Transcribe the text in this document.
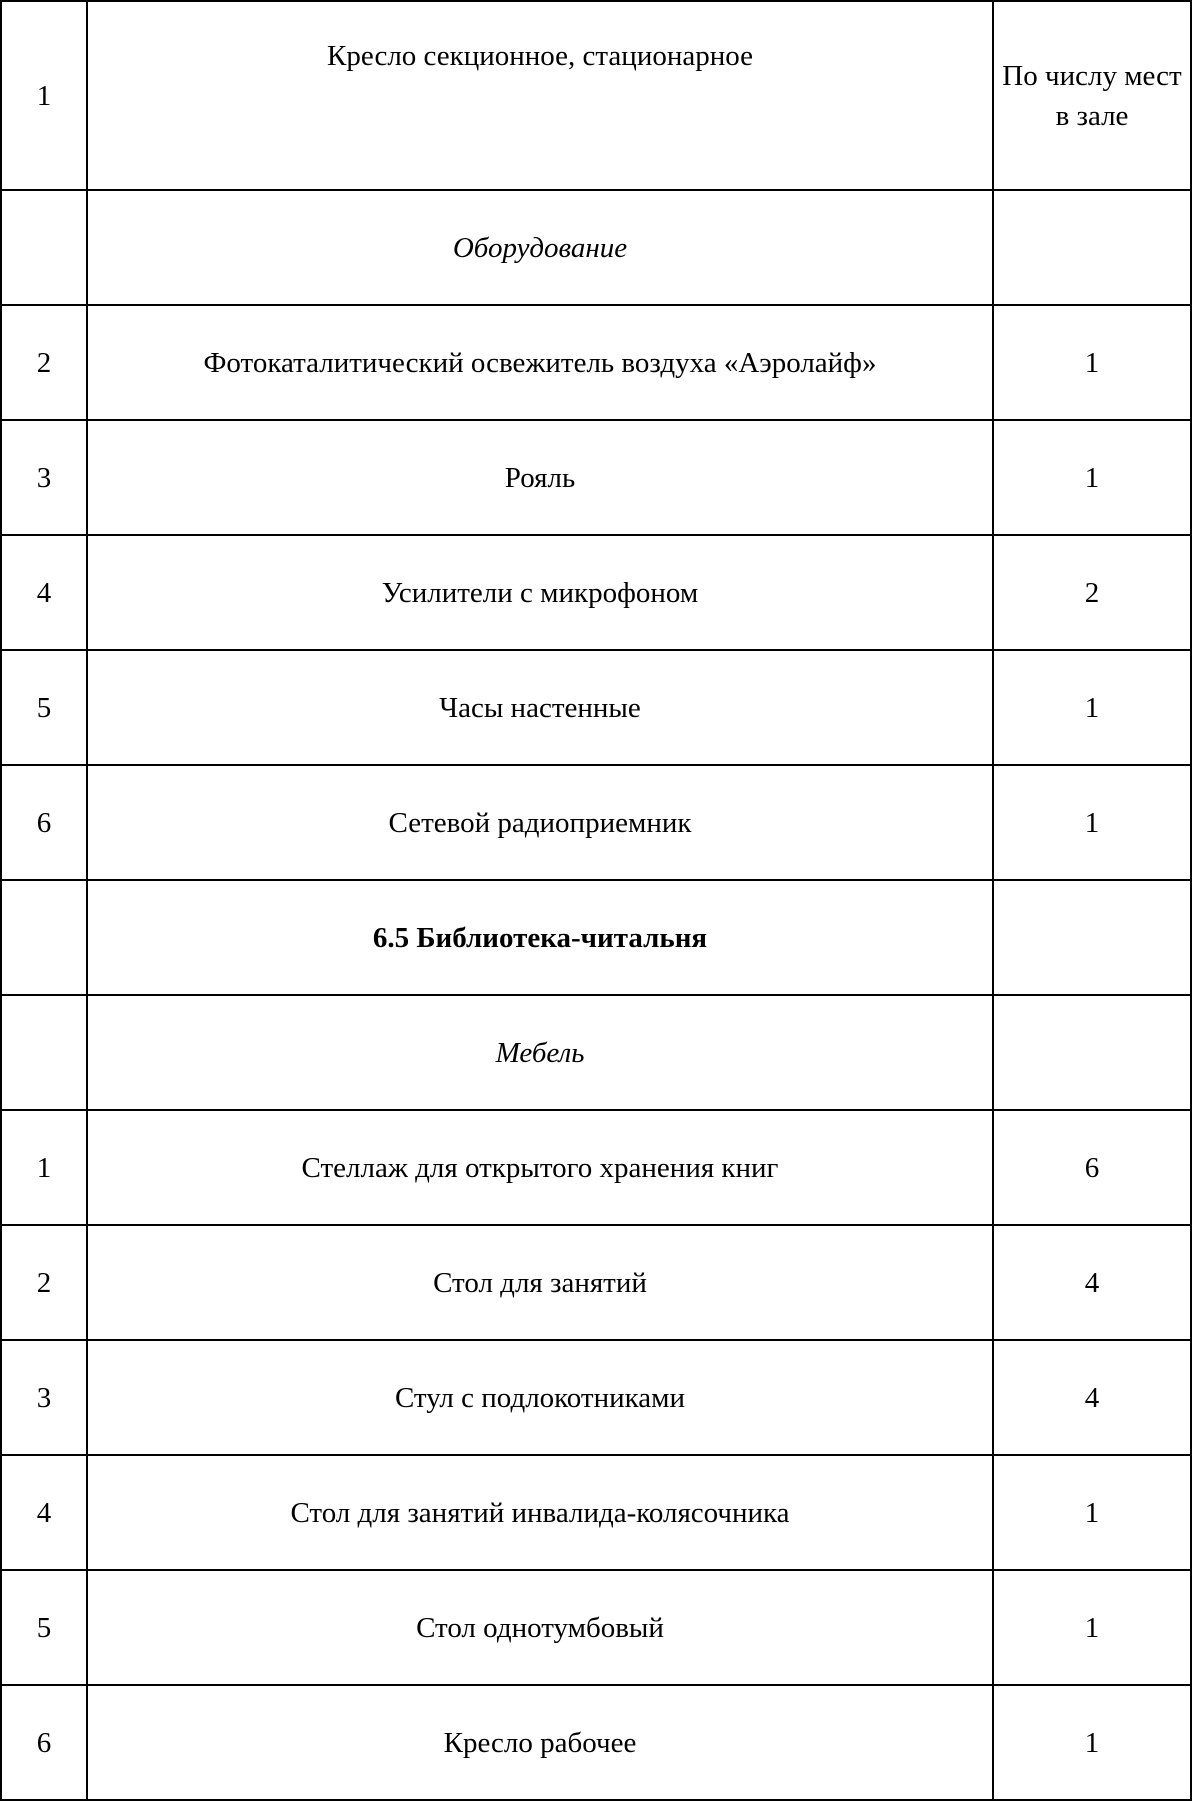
1	Кресло секционное, стационарное	По числу мест в зале
	Оборудование	
2	Фотокаталитический освежитель воздуха «Аэролайф»	1
3	Рояль	1
4	Усилители с микрофоном	2
5	Часы настенные	1
6	Сетевой радиоприемник	1
	6.5 Библиотека-читальня	
	Мебель	
1	Стеллаж для открытого хранения книг	6
2	Стол для занятий	4
3	Стул с подлокотниками	4
4	Стол для занятий инвалида-колясочника	1
5	Стол однотумбовый	1
6	Кресло рабочее	1
